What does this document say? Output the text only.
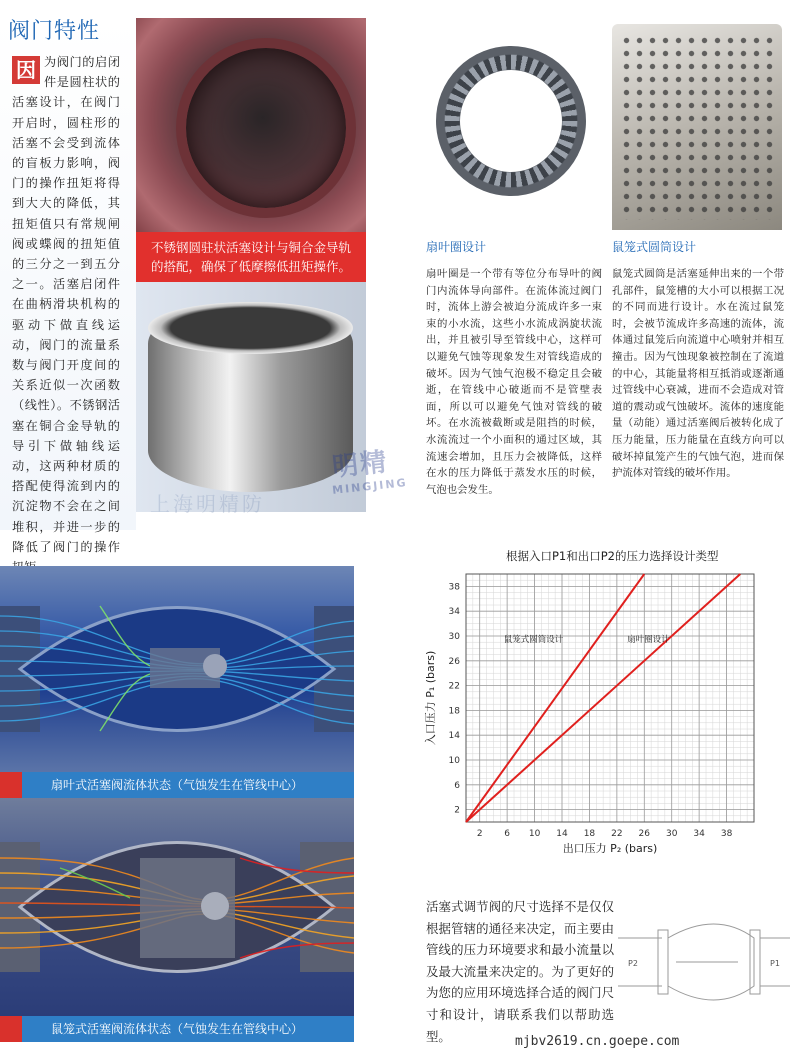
阀门特性
因 为阀门的启闭件是圆柱状的活塞设计，在阀门开启时，圆柱形的活塞不会受到流体的盲板力影响，阀门的操作扭矩将得到大大的降低，其扭矩值只有常规闸阀或蝶阀的扭矩值的三分之一到五分之一。活塞启闭件在曲柄滑块机构的驱动下做直线运动，阀门的流量系数与阀门开度间的关系近似一次函数（线性）。不锈钢活塞在铜合金导轨的导引下做轴线运动，这两种材质的搭配使得流到内的沉淀物不会在之间堆积，并进一步的降低了阀门的操作
不锈钢圆驻状活塞设计与铜合金导轨的搭配，确保了低摩擦低扭矩操作。
上海明精防
明精
MINGJING
扇叶圈设计	鼠笼式圆筒设计
扇叶圈是一个带有等位分布导叶的阀门内流体导向部件。在流体流过阀门时，流体上游会被迫分流成许多一束束的小水流，这些小水流成涡旋状流出，并且被引导至管线中心，这样可以避免气蚀等现象发生对管线造成的破坏。因为气蚀气泡极不稳定且会破逝，在管线中心破逝而不是管壁表面，所以可以避免气蚀对管线的破坏。在水流被截断或是阻挡的时候，水流流过一个小面积的通过区域，其流速会增加，且压力会被降低，这样在水的压力降低于蒸发水压的时候，气泡也会发生。
鼠笼式圆筒是活塞延伸出来的一个带孔部件，鼠笼槽的大小可以根据工况的不同而进行设计。水在流过鼠笼时，会被节流成许多高速的流体，流体通过鼠笼后向流道中心喷射并相互撞击。因为气蚀现象被控制在了流道的中心，其能量将相互抵消或逐渐通过管线中心衰减，进而不会造成对管道的震动或气蚀破坏。流体的速度能量（动能）通过活塞阀后被转化成了压力能量，压力能量在直线方向可以破坏掉鼠笼产生的气蚀气泡，进而保护流体对管线的破坏作用。
扇叶式活塞阀流体状态（气蚀发生在管线中心）
鼠笼式活塞阀流体状态（气蚀发生在管线中心）
根据入口P1和出口P2的压力选择设计类型
2 6 10 14 18 22 26 30 34 38
2
6
10
14
18
22
26
30
34
38
出口压力 P₂ (bars)
入口压力 P₁ (bars)
鼠笼式圆筒设计	扇叶圈设计
活塞式调节阀的尺寸选择不是仅仅根据管辖的通径来决定，而主要由管线的压力环境要求和最小流量以及最大流量来决定的。为了更好的为您的应用环境选择合适的阀门尺寸和设计，请联系我们以帮助选型。
P2	P1
mjbv2619.cn.goepe.com
